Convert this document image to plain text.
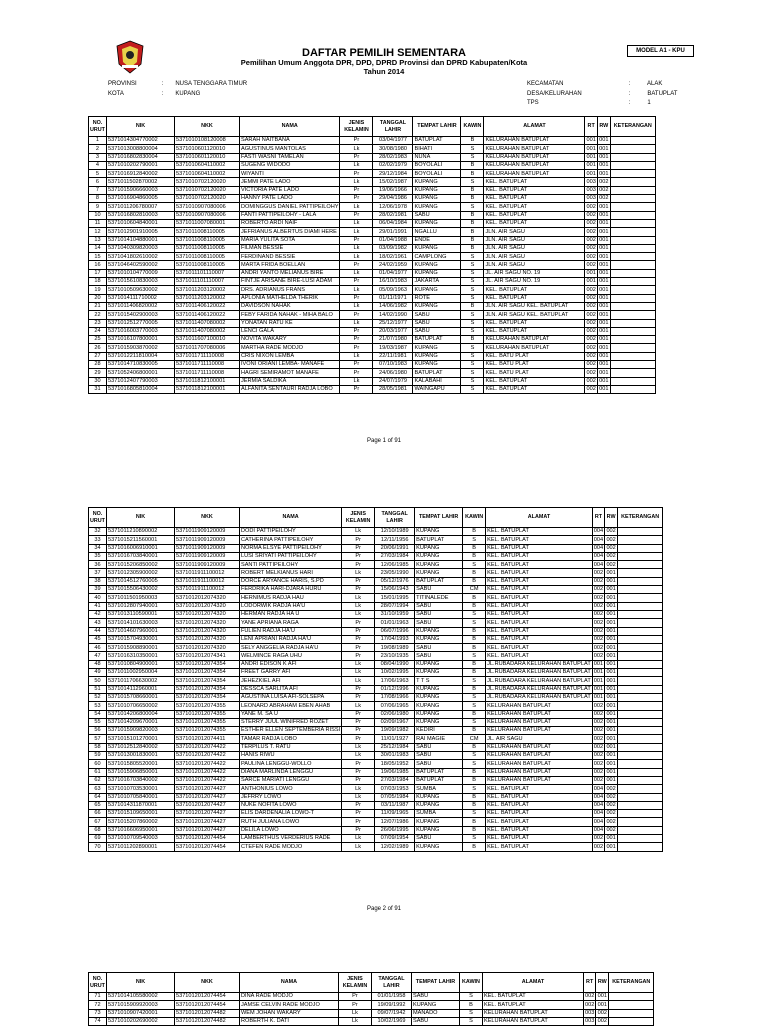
DAFTAR PEMILIH SEMENTARA
Pemilihan Umum Anggota DPR, DPD, DPRD Provinsi dan DPRD Kabupaten/Kota
Tahun 2014
MODEL A1 - KPU
PROVINSI	: NUSA TENGGARA TIMUR
KOTA	: KUPANG
KECAMATAN	:	ALAK
DESA/KELURAHAN	:	BATUPLAT
TPS	:	1
NO. URUT	NIK	NKK	NAMA	JENIS KELAMIN	TANGGAL LAHIR	TEMPAT LAHIR	KAWIN	ALAMAT	RT	RW	KETERANGAN
1	5371014304770002	5371010108120008	SARAH NAITBANA	Pr	03/04/1977	BATUPLAT	B	KELURAHAN BATUPLAT	001	001	
2	5371013008800004	5371010601120010	AGUSTINUS MANTOLAS	Lk	30/08/1980	BIHATI	S	KELURAHAN BATUPLAT	001	001	
3	5371016802830004	5371010601120010	FASTI WASNI TAMELAN	Pr	28/02/1983	NUNA	S	KELURAHAN BATUPLAT	001	001	
4	5371010202790001	5371010604110002	SUGENG WIDODO	Lk	02/02/1979	BOYOLALI	B	KELURAHAN BATUPLAT	001	001	
5	5371016912840002	5371010604110002	WIYANTI	Pr	29/12/1984	BOYOLALI	B	KELURAHAN BATUPLAT	001	001	
6	5371011502870002	5371010702120020	JEMMI PATE LADO	Lk	15/02/1987	KUPANG	S	KEL. BATUPLAT	003	002	
7	5371015906660003	5371010702120020	VICTORIA PATE LADO	Pr	19/06/1966	KUPANG	B	KEL. BATUPLAT	003	002	
8	5371016904860005	5371010702120020	HANNY PATE LADO	Pr	29/04/1986	KUPANG	B	KEL. BATUPLAT	003	002	
9	5371011206780007	5371010907080006	DOMINGGUS DANIEL PATTIPEILOHY	Lk	12/06/1978	KUPANG	S	KEL. BATUPLAT	002	001	
10	5371016802810003	5371010907080006	FANTI PATTIPEILOHY - LALA	Pr	28/02/1981	SABU	B	KEL. BATUPLAT	002	001	
11	5371010604840001	5371011007080001	ROBERTO ARDI NAIF	Lk	06/04/1984	KUPANG	B	KEL. BATUPLAT	002	001	
12	5371012901910005	5371011008110005	JEFRIANUS ALBERTUS DIAMI HERE	Lk	29/01/1991	NGALLU	B	JLN. AIR SAGU	002	001	
13	5371014104880001	5371011008110005	MARIA YULITA SOTA	Pr	01/04/1988	ENDE	B	JLN. AIR SAGU	002	001	
14	5371040309820003	5371011008110005	FILMAN BESSIE	Lk	03/09/1982	KUPANG	B	JLN. AIR SAGU	002	001	
15	5371041802610002	5371011008110005	FERDINAND BESSIE	Lk	18/02/1961	CAMPLONG	S	JLN. AIR SAGU	002	001	
16	5371046402590002	5371011008110005	MARTA FRIDA BOELLAN	Pr	24/02/1959	KUPANG	S	JLN. AIR SAGU	002	001	
17	5371010104770009	5371011101110007	ANDRI YANTO MELIANUS BIRE	Lk	01/04/1977	KUPANG	S	JL. AIR SAGU NO. 19	001	001	
18	5371015610830003	5371011101110007	FINTJE ARISANE BIRE-LUSI ADAM	Pr	16/10/1983	JAKARTA	S	JL. AIR SAGU NO. 19	001	001	
19	5371010509630002	5371011203120002	DRS. ADRIANUS FRANS	Lk	05/09/1963	KUPANG	S	KEL. BATUPLAT	002	001	
20	5371014111710002	5371011203120002	APLONIA MATHELDA THERIK	Pr	01/11/1971	ROTE	S	KEL. BATUPLAT	002	001	
21	5371011406820002	5371011406120022	DAVIDSON NAHAK	Lk	14/06/1982	KUPANG	B	JLN. AIR SAGU KEL. BATUPLAT	002	001	
22	5371015402900003	5371011406120022	FEBY FARIDA NAHAK - MIHA BALO	Pr	14/02/1990	SABU	S	JLN. AIR SAGU KEL. BATUPLAT	002	001	
23	5371012512770005	5371011407080002	YONATAN RATU KE	Lk	25/12/1977	SABU	S	KEL. BATUPLAT	002	001	
24	5371016003770003	5371011407080002	LENCI GALA	Pr	20/03/1977	SABU	S	KEL. BATUPLAT	002	001	
25	5371016107800001	5371011607100010	NOVITA WAKARY	Pr	21/07/1980	BATUPLAT	B	KELURAHAN BATUPLAT	002	001	
26	5371015903870002	5371011707080006	MARTHA RADE MODJO	Pr	19/03/1987	KUPANG	S	KELURAHAN BATUPLAT	002	001	
27	5371012211810004	5371011711110008	CRIS NIXON LEMBA	Lk	22/11/1981	KUPANG	S	KEL. BATU PLAT	002	001	
28	5371014710830005	5371011711110008	IVONI ORIANI LEMBA- MANAFE	Pr	07/10/1983	KUPANG	S	KEL. BATU PLAT	002	001	
29	5371052406800001	5371011711110008	HAGRI SEMIRAMOT MANAFE	Pr	24/06/1980	BATUPLAT	S	KEL. BATU PLAT	002	001	
30	5371012407790003	5371011812100001	JERMIA SALDIKA	Lk	24/07/1979	KALABAHI	S	KEL. BATUPLAT	002	001	
31	5371016805810004	5371011812100001	ALFANITA SENTAURI RADJA LOBO	Pr	28/05/1981	WAINGAPU	S	KEL. BATUPLAT	002	001	
Page 1 of 91
NO. URUT	NIK	NKK	NAMA	JENIS KELAMIN	TANGGAL LAHIR	TEMPAT LAHIR	KAWIN	ALAMAT	RT	RW	KETERANGAN
32	5371011210890002	5371011909120009	DODI PATTIPEILOHY	Lk	12/10/1989	KUPANG	B	KEL. BATUPLAT	004	002	
33	5371015211560001	5371011909120009	CATHERINA PATTIPEILOHY	Pr	12/11/1956	BATUPLAT	S	KEL. BATUPLAT	004	002	
34	5371016006910001	5371011909120009	NORMA ELSYE PATTIPEILOHY	Pr	20/06/1991	KUPANG	B	KEL. BATUPLAT	004	002	
35	5371016703840001	5371011909120009	LUSI SRIYATI PATTIPEILOHY	Pr	27/03/1984	KUPANG	B	KEL. BATUPLAT	004	002	
36	5371015206850002	5371011909120009	SANTI PATTIPEILOHY	Pr	12/06/1985	KUPANG	S	KEL. BATUPLAT	004	002	
37	5371012305900002	5371011911100012	ROBERT MELKIANUS HARI	Lk	23/05/1990	KUPANG	B	KEL. BATUPLAT	002	001	
38	5371014512760005	5371011911100012	DORCE ARYANCE HARIS, S.PD	Pr	05/12/1976	BATUPLAT	B	KEL. BATUPLAT	002	001	
39	5371015506430002	5371011911100012	FERDRIKA HARI-DJARA HURU	Pr	15/06/1943	SABU	CM	KEL. BATUPLAT	002	001	
40	5371011501950003	5371012012074320	HERNIMUS RADJA HAU	Lk	15/01/1995	TITINALEDE	B	KEL. BATUPLAT	002	001	
41	5371012807940001	5371012012074320	LODORWIK RADJA HA'U	Lk	28/07/1994	SABU	B	KEL. BATUPLAT	002	001	
42	5371013110590001	5371012012074320	HERMAN RADJA HA U	Lk	31/10/1959	SABU	S	KEL. BATUPLAT	002	001	
43	5371014101630003	5371012012074320	YANE APRIANA RAGA	Pr	01/01/1963	SABU	S	KEL. BATUPLAT	002	001	
44	5371014607960001	5371012012074320	FULIEN RADJA HA'U	Pr	06/07/1996	KUPANG	B	KEL. BATUPLAT	002	001	
45	5371015704930001	5371012012074320	LENI APRIANI RADJA HA'U	Pr	17/04/1993	KUPANG	B	KEL. BATUPLAT	002	001	
46	5371015908890001	5371012012074320	SELY ANGGELIA RADJA HA'U	Pr	19/08/1989	SABU	B	KEL. BATUPLAT	002	001	
47	5371016310350001	5371012012074341	WELMINCE RAGA UHU	Pr	23/10/1935	SABU	S	KEL. BATUPLAT	002	001	
48	5371010804900001	5371012012074354	ANDRI EDISON K AFI	Lk	08/04/1990	KUPANG	B	JL.RUBADARA KELURAHAN BATUPLAT	001	001	
49	5371011002950004	5371012012074354	FREET GARRY AFI	Lk	10/02/1995	KUPANG	B	JL.RUBADARA KELURAHAN BATUPLAT	001	001	
50	5371011706630002	5371012012074354	JEHEZKIEL AFI	Lk	17/06/1963	T T S	S	JL.RUBADARA KELURAHAN BATUPLAT	001	001	
51	5371014112960001	5371012012074354	DESSCA SARLITA AFI	Pr	01/12/1996	KUPANG	B	JL.RUBADARA KELURAHAN BATUPLAT	001	001	
52	5371015708660001	5371012012074354	AGUSTINA LUISA AFI-SOLSEPA	Pr	17/08/1966	KUPANG	S	JL.RUBADARA KELURAHAN BATUPLAT	001	001	
53	5371010706650002	5371012012074355	LEONARD ABRAHAM EBEN AHAB	Lk	07/06/1965	KUPANG	S	KELURAHAN BATUPLAT	002	001	
54	5371014206800004	5371012012074355	YANE M. SA U	Pr	02/06/1980	KUPANG	B	KELURAHAN BATUPLAT	002	001	
55	5371014209670001	5371012012074355	STERRY JUUL WINIFRED ROZET	Pr	02/09/1967	KUPANG	S	KELURAHAN BATUPLAT	002	001	
56	5371015909820003	5371012012074355	ESTHER ELLEN SEPTEMBERIA RISSI	Pr	19/09/1982	KEDIRI	B	KELURAHAN BATUPLAT	002	001	
57	5371015101270001	5371012012074411	TAMAR RADJA LOBO	Pr	11/01/1927	RAI MAGIE	CM	JL. AIR SAGU	002	001	
58	5371012512840002	5371012012074422	TERPILUS T. RATU	Lk	25/12/1984	SABU	B	KELURAHAN BATUPLAT	002	001	
59	5371013001830001	5371012012074422	HANIS RIWU	Lk	30/01/1983	SABU	S	KELURAHAN BATUPLAT	002	001	
60	5371015805520001	5371012012074422	PAULINA LENGGU-WOLLO	Pr	18/05/1952	SABU	S	KELURAHAN BATUPLAT	002	001	
61	5371015906850001	5371012012074422	DIANA MARLINDA LENGGU	Pr	19/06/1985	BATUPLAT	B	KELURAHAN BATUPLAT	002	001	
62	5371016703840002	5371012012074422	SARCE MARIATI LENGGU	Pr	27/03/1984	BATUPLAT	B	KELURAHAN BATUPLAT	002	001	
63	5371010703530001	5371012012074427	ANTHONIUS LOWO	Lk	07/03/1953	SUMBA	S	KEL. BATUPLAT	004	002	
64	5371010705840001	5371012012074427	JEFRRY LOWO	Lk	07/05/1984	KUPANG	B	KEL. BATUPLAT	004	002	
65	5371014311870001	5371012012074427	NUKE NOFITA LOWO	Pr	03/11/1987	KUPANG	B	KEL. BATUPLAT	004	002	
66	5371015109650001	5371012012074427	ELIS DARDENALIA LOWO-T	Pr	11/09/1965	SUMBA	S	KEL. BATUPLAT	004	002	
67	5371015207860002	5371012012074427	RUTH JULIANA LOWO	Pr	12/07/1986	KUPANG	B	KEL. BATUPLAT	004	002	
68	5371016606950001	5371012012074427	DELILA LOWO	Pr	26/06/1995	KUPANG	B	KEL. BATUPLAT	004	002	
69	5371010709540003	5371012012074454	LAMBERTHUS VERDERIUS RADE	Lk	07/09/1954	SABU	S	KEL. BATUPLAT	002	001	
70	5371011202890001	5371012012074454	CTEFEN RADE MODJO	Lk	12/02/1989	KUPANG	B	KEL. BATUPLAT	002	001	
Page 2 of 91
NO. URUT	NIK	NKK	NAMA	JENIS KELAMIN	TANGGAL LAHIR	TEMPAT LAHIR	KAWIN	ALAMAT	RT	RW	KETERANGAN
71	5371014105580002	5371012012074454	DINA RADE MODJO	Pr	01/01/1958	SABU	S	KEL. BATUPLAT	002	001	
72	5371015909920003	5371012012074454	JAMSE CELVIN RADE MODJO	Pr	19/09/1992	KUPANG	B	KEL. BATUPLAT	002	001	
73	5371010907420001	5371012012074482	WEM JOHAN WAKARY	Lk	09/07/1942	MANADO	S	KELURAHAN BATUPLAT	003	002	
74	5371010202690002	5371012012074482	ROBERTH K. DATI	Lk	10/02/1969	SABU	S	KELURAHAN BATUPLAT	003	002	
